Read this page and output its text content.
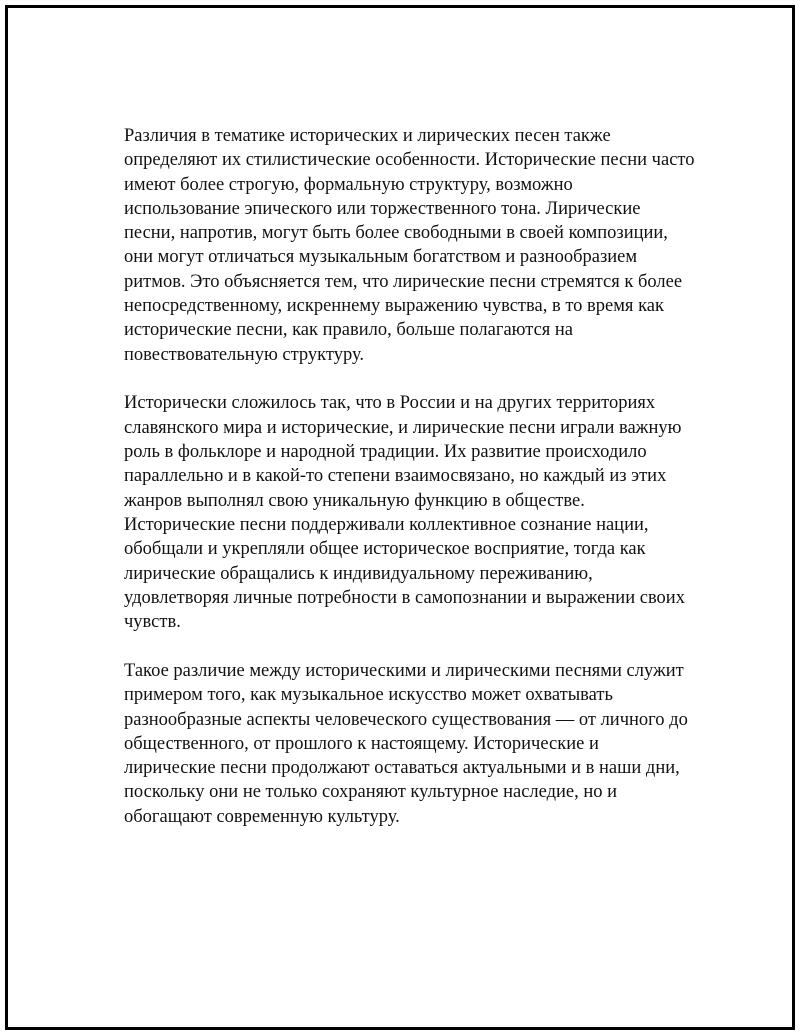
Различия в тематике исторических и лирических песен также
определяют их стилистические особенности. Исторические песни часто
имеют более строгую, формальную структуру, возможно
использование эпического или торжественного тона. Лирические
песни, напротив, могут быть более свободными в своей композиции,
они могут отличаться музыкальным богатством и разнообразием
ритмов. Это объясняется тем, что лирические песни стремятся к более
непосредственному, искреннему выражению чувства, в то время как
исторические песни, как правило, больше полагаются на
повествовательную структуру.

Исторически сложилось так, что в России и на других территориях
славянского мира и исторические, и лирические песни играли важную
роль в фольклоре и народной традиции. Их развитие происходило
параллельно и в какой-то степени взаимосвязано, но каждый из этих
жанров выполнял свою уникальную функцию в обществе.
Исторические песни поддерживали коллективное сознание нации,
обобщали и укрепляли общее историческое восприятие, тогда как
лирические обращались к индивидуальному переживанию,
удовлетворяя личные потребности в самопознании и выражении своих
чувств.

Такое различие между историческими и лирическими песнями служит
примером того, как музыкальное искусство может охватывать
разнообразные аспекты человеческого существования — от личного до
общественного, от прошлого к настоящему. Исторические и
лирические песни продолжают оставаться актуальными и в наши дни,
поскольку они не только сохраняют культурное наследие, но и
обогащают современную культуру.
